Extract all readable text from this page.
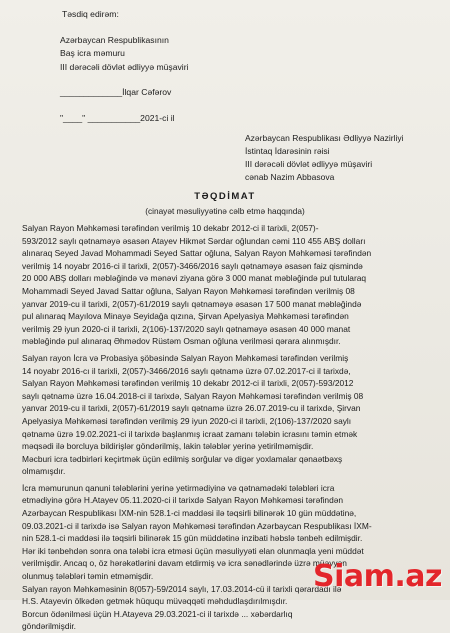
Təsdiq edirəm:
Azərbaycan Respublikasının
Baş icra məmuru
III dərəcəli dövlət ədliyyə müşaviri
_____________İlqar Cəfərov
"____" ___________2021-ci il
Azərbaycan Respublikası Ədliyyə Nazirliyi
İstintaq İdarəsinin rəisi
III dərəcəli dövlət ədliyyə müşaviri
cənab Nazim Abbasova
TƏQDİMAT
(cinayət məsuliyyətinə cəlb etmə haqqında)
Salyan Rayon Məhkəməsi tərəfindən verilmiş 10 dekabr 2012-ci il tarixli, 2(057)-
593/2012 saylı qətnaməyə əsasən Atayev Hikmət Sərdar oğlundan cəmi 110 455 ABŞ dolları
alınaraq Seyed Javad Mohammadi Seyed Sattar oğluna, Salyan Rayon Məhkəməsi tərəfindən
verilmiş 14 noyabr 2016-ci il tarixli, 2(057)-3466/2016 saylı qətnaməyə əsasən faiz qismində
20 000 ABŞ dolları məbləğində və mənəvi ziyana görə 3 000 manat məbləğində pul tutularaq
Mohammadi Seyed Javad Sattar oğluna, Salyan Rayon Məhkəməsi tərəfindən verilmiş 08
yanvar 2019-cu il tarixli, 2(057)-61/2019 saylı qətnaməyə əsasən 17 500 manat məbləğində
pul alınaraq Mayılova Minayə Seyidağa qızına, Şirvan Apelyasiya Məhkəməsi tərəfindən
verilmiş 29 iyun 2020-ci il tarixli, 2(106)-137/2020 saylı qətnaməyə əsasən 40 000 manat
məbləğində pul alınaraq Əhmədov Rüstəm Osman oğluna verilməsi qərara alınmışdır.
Salyan rayon İcra və Probasiya şöbəsində Salyan Rayon Məhkəməsi tərəfindən verilmiş
14 noyabr 2016-cı il tarixli, 2(057)-3466/2016 saylı qətnamə üzrə 07.02.2017-ci il tarixdə,
Salyan Rayon Məhkəməsi tərəfindən verilmiş 10 dekabr 2012-ci il tarixli, 2(057)-593/2012
saylı qətnamə üzrə 16.04.2018-ci il tarixdə, Salyan Rayon Məhkəməsi tərəfindən verilmiş 08
yanvar 2019-cu il tarixli, 2(057)-61/2019 saylı qətnamə üzrə 26.07.2019-cu il tarixdə, Şirvan
Apelyasiya Məhkəməsi tərəfindən verilmiş 29 iyun 2020-ci il tarixli, 2(106)-137/2020 saylı
qətnamə üzrə 19.02.2021-ci il tarixdə başlanmış icraat zamanı tələbin icrasını təmin etmək
məqsədi ilə borcluya bildirişlər göndərilmiş, lakin tələblər yerinə yetirilməmişdir.
Məcburi icra tədbirləri keçirtmək üçün edilmiş sorğular və digər yoxlamalar qənaətbəxş
olmamışdır.
İcra məmurunun qanuni tələblərini yerinə yetirmədiyinə və qətnamədəki tələbləri icra
etmədiyinə görə H.Atayev 05.11.2020-ci il tarixdə Salyan Rayon Məhkəməsi tərəfindən
Azərbaycan Respublikası İXM-nin 528.1-ci maddəsi ilə təqsirli bilinərək 10 gün müddətinə,
09.03.2021-ci il tarixdə isə Salyan rayon Məhkəməsi tərəfindən Azərbaycan Respublikası İXM-
nin 528.1-ci maddəsi ilə təqsirli bilinərək 15 gün müddətinə inzibati həbslə tənbeh edilmişdir.
Hər iki tənbehdən sonra ona tələbi icra etməsi üçün məsuliyyəti elan olunmaqla yeni müddət
verilmişdir. Ancaq o, öz hərəkətlərini davam etdirmiş və icra sənədlərində üzrə müəyyən
olunmuş tələbləri təmin etməmişdir.
Salyan rayon Məhkəməsinin 8(057)-59/2014 saylı, 17.03.2014-cü il tarixli qərardadı ilə
H.S. Atayevin ölkədən getmək hüququ müvəqqəti məhdudlaşdırılmışdır.
Borcun ödənilməsi üçün H.Atayeva 29.03.2021-ci il tarixdə ... xəbərdarlıq
göndərilmişdir.
Siam.az
